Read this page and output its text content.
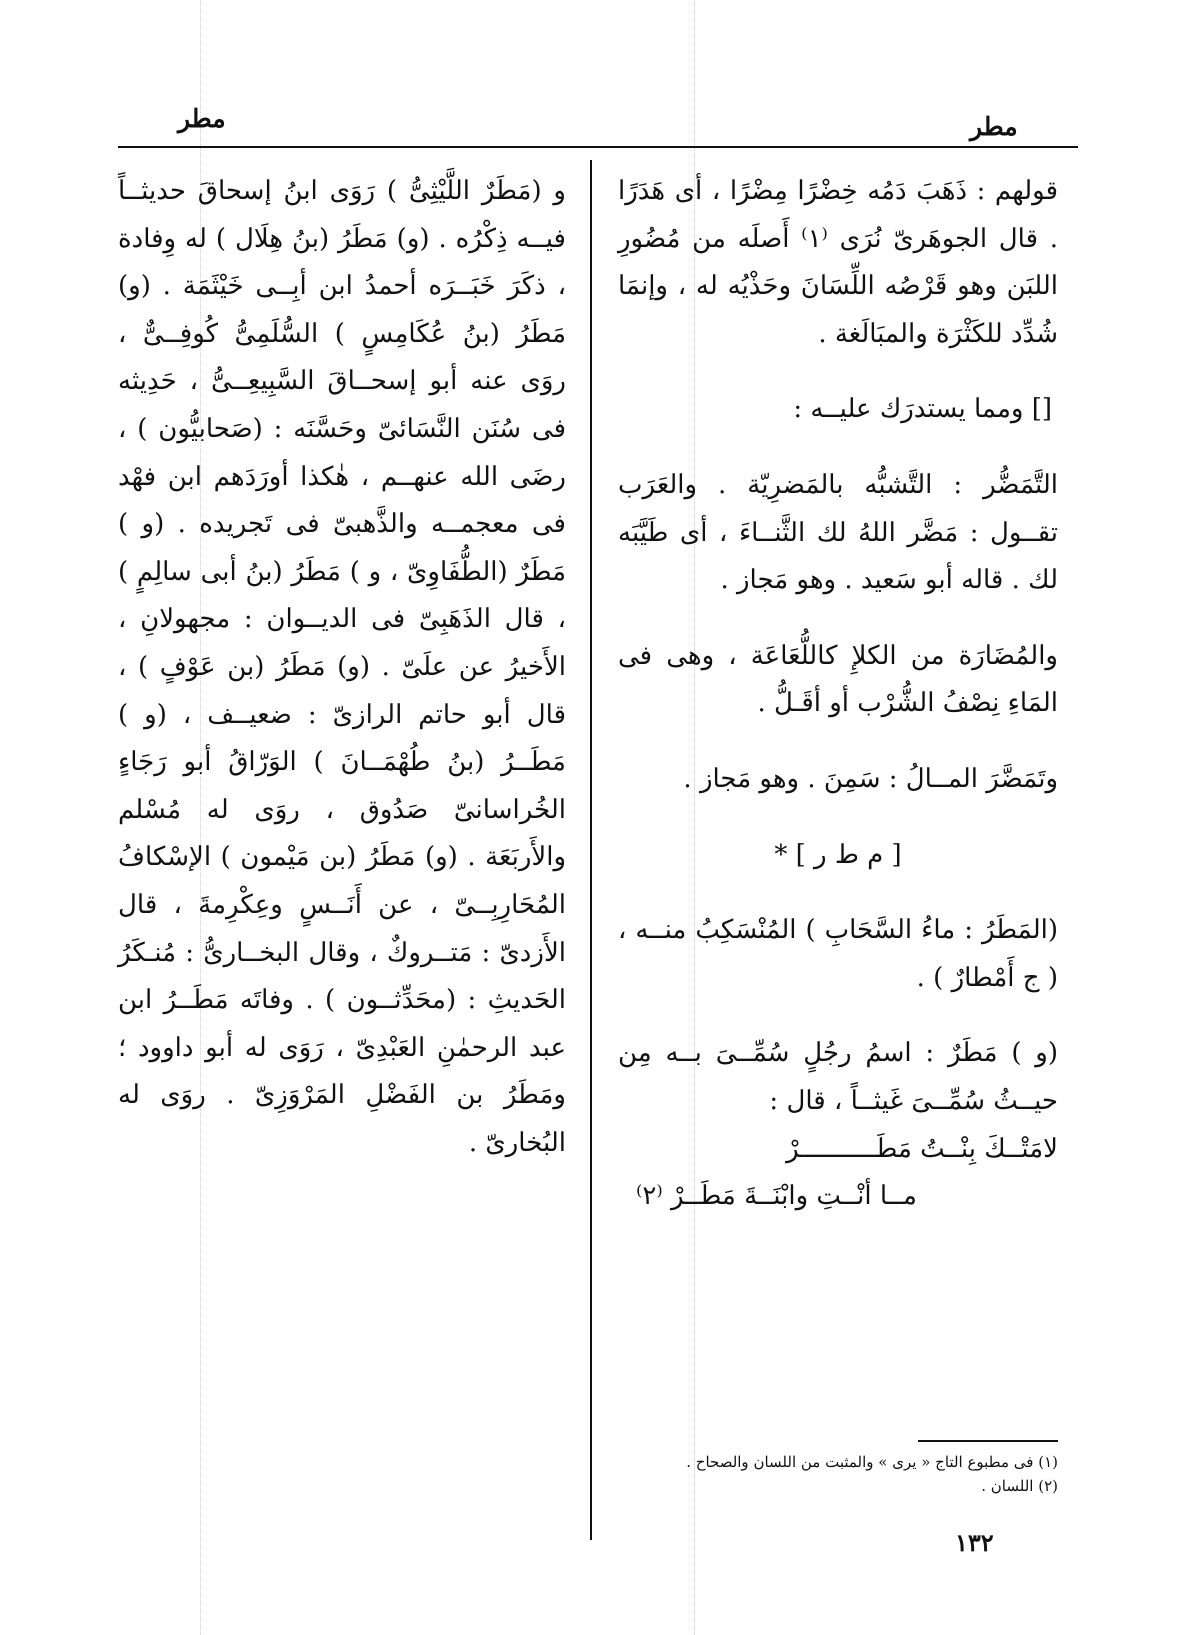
مطر	مطر

قولهم : ذَهَبَ دَمُه خِضْرًا مِضْرًا ، أى هَدَرًا . قال الجوهَرىّ نُرَى ⁽١⁾ أَصلَه من مُضُورِ اللبَن وهو قَرْصُه اللِّسَانَ وحَذْيُه له ، وإنمَا شُدِّد للكَثْرَة والمبَالَغة .

[] ومما يستدرَك عليــه :

التَّمَضُّر : التَّشبُّه بالمَضرِيّة . والعَرَب تقــول : مَضَّر اللهُ لك الثَّنــاءَ ، أى طَيَّبَه لك . قاله أبو سَعيد . وهو مَجاز .

والمُضَارَة من الكلإِ كاللُّعَاعَة ، وهى فى المَاءِ نِصْفُ الشُّرْب أو أقَـلُّ .

وتَمَضَّرَ المــالُ : سَمِنَ . وهو مَجاز .

[ م ط ر ] *

(المَطَرُ : ماءُ السَّحَابِ ) المُنْسَكِبُ منــه ، ( ج أَمْطارٌ ) .

(و ) مَطَرٌ : اسمُ رجُلٍ سُمِّــىَ بــه مِن حيــثُ سُمِّــىَ غَيثــاً ، قال :

لامَتْــكَ بِنْــتُ مَطَــــــــــرْ

مــا أنْــتِ وابْنَــةَ مَطَــرْ ⁽٢⁾

و (مَطَرٌ اللَّيْثِىُّ ) رَوَى ابنُ إسحاقَ حديثــاً فيــه ذِكْرُه . (و) مَطَرُ (بنُ هِلَال ) له وِفادة ، ذكَرَ خَبَــرَه أحمدُ ابن أبِــى خَيْثَمَة . (و) مَطَرُ (بنُ عُكَامِسٍ ) السُّلَمِىُّ كُوفِــىٌّ ، روَى عنه أبو إسحــاقَ السَّبِيعِــىُّ ، حَدِيثه فى سُنَن النَّسَائىّ وحَسَّنَه : (صَحابيُّون ) ، رضَى الله عنهــم ، هٰكذا أورَدَهم ابن فهْد فى معجمــه والذَّهبىّ فى تَجريده . (و ) مَطَرٌ (الطُّفَاوِىّ ، و ) مَطَرُ (بنُ أبى سالِمٍ ) ، قال الذَهَبِىّ فى الديــوان : مجهولانِ ، الأَخيرُ عن علَىّ . (و) مَطَرُ (بن عَوْفٍ ) ، قال أبو حاتم الرازىّ : ضعيــف ، (و ) مَطَــرُ (بنُ طُهْمَــانَ ) الوَرّاقُ أبو رَجَاءٍ الخُراسانىّ صَدُوق ، روَى له مُسْلم والأَربَعَة . (و) مَطَرُ (بن مَيْمون ) الإسْكافُ المُحَارِبِــىّ ، عن أَنَــسٍ وعِكْرِمةَ ، قال الأَزدىّ : مَتــروكٌ ، وقال البخــارىُّ : مُنـكَرُ الحَديثِ : (محَدِّثــون ) . وفاتَه مَطَــرُ ابن عبد الرحمٰنِ العَبْدِىّ ، رَوَى له أبو داوود ؛ ومَطَرُ بن الفَضْلِ المَرْوَزِىّ . روَى له البُخارىّ .

(١) فى مطبوع التاج « يرى » والمثبت من اللسان والصحاح .
(٢) اللسان .
١٣٢
